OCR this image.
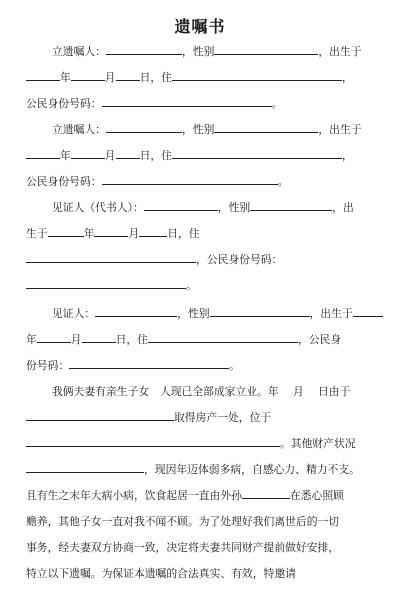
遗嘱书
立遗嘱人：	，性别	，出生于
年	月 日，住	，
公民身份号码：	。
立遗嘱人：	，性别	，出生于
年	月 日，住	，
公民身份号码：	。
见证人（代书人）：	，性别	，出
生于	年	月	日，住
，公民身份号码：
。
见证人：	，性别	，出生于
年	月	日，住	，公民身
份号码：	。
我俩夫妻有亲生子女　人现已全部成家立业。年　 月　 日由于
取得房产一处，位于
。其他财产状况
，现因年迈体弱多病，自感心力、精力不支。
且有生之末年大病小病，饮食起居一直由外孙	在悉心照顾
赡养，其他子女一直对我不闻不顾。为了处理好我们离世后的一切
事务，经夫妻双方协商一致，决定将夫妻共同财产提前做好安排，
特立以下遗嘱。为保证本遗嘱的合法真实、有效，特邀请
